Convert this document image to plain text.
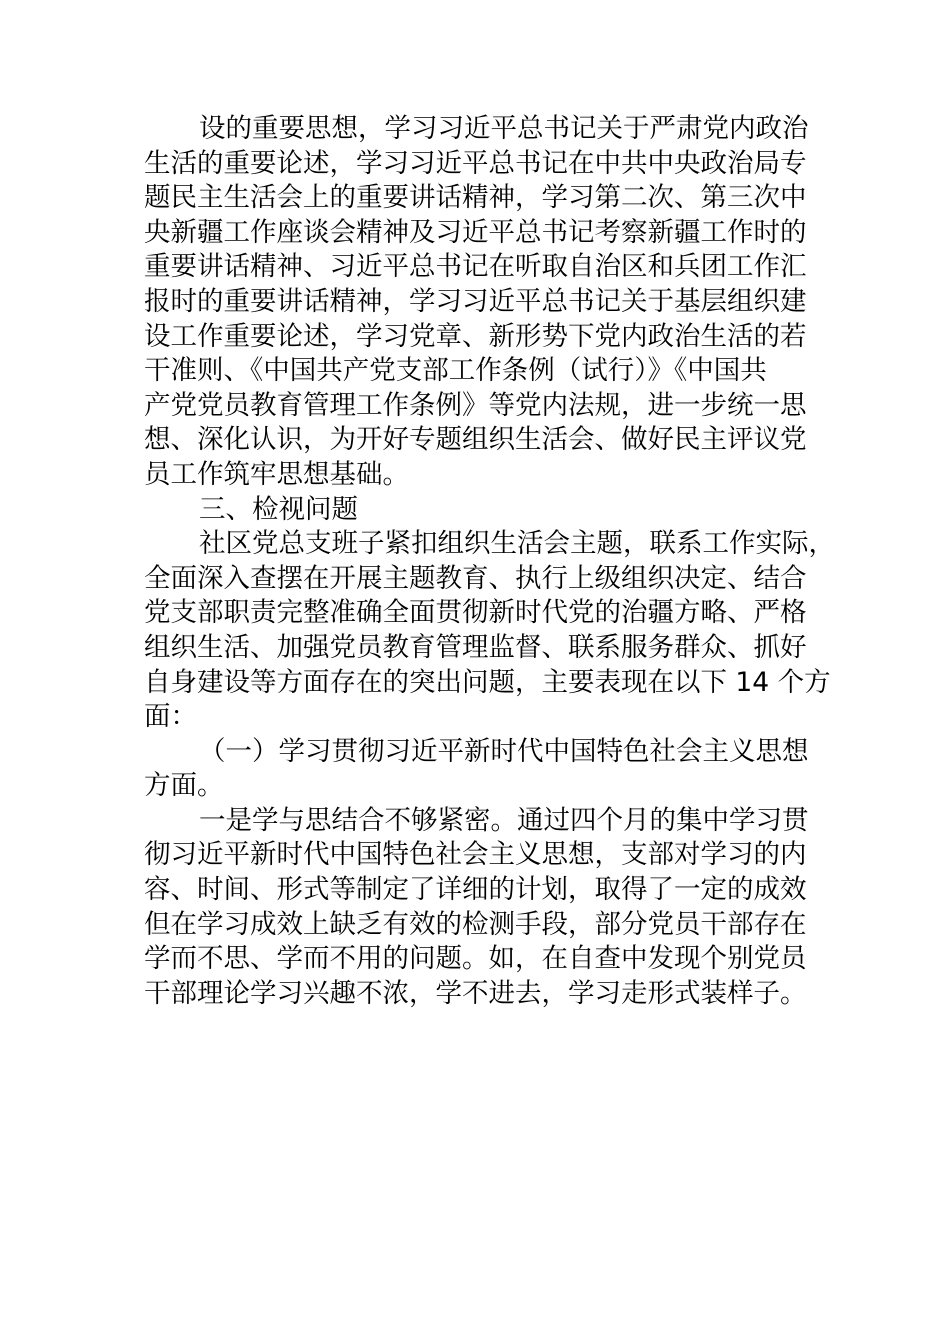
设的重要思想，学习习近平总书记关于严肃党内政治
生活的重要论述，学习习近平总书记在中共中央政治局专
题民主生活会上的重要讲话精神，学习第二次、第三次中
央新疆工作座谈会精神及习近平总书记考察新疆工作时的
重要讲话精神、习近平总书记在听取自治区和兵团工作汇
报时的重要讲话精神，学习习近平总书记关于基层组织建
设工作重要论述，学习党章、新形势下党内政治生活的若
干准则、《中国共产党支部工作条例（试行）》《中国共
产党党员教育管理工作条例》等党内法规，进一步统一思
想、深化认识，为开好专题组织生活会、做好民主评议党
员工作筑牢思想基础。
三、检视问题
社区党总支班子紧扣组织生活会主题，联系工作实际，
全面深入查摆在开展主题教育、执行上级组织决定、结合
党支部职责完整准确全面贯彻新时代党的治疆方略、严格
组织生活、加强党员教育管理监督、联系服务群众、抓好
自身建设等方面存在的突出问题，主要表现在以下 14 个方
面：
（一）学习贯彻习近平新时代中国特色社会主义思想
方面。
一是学与思结合不够紧密。通过四个月的集中学习贯
彻习近平新时代中国特色社会主义思想，支部对学习的内
容、时间、形式等制定了详细的计划，取得了一定的成效
但在学习成效上缺乏有效的检测手段，部分党员干部存在
学而不思、学而不用的问题。如，在自查中发现个别党员
干部理论学习兴趣不浓，学不进去，学习走形式装样子。
